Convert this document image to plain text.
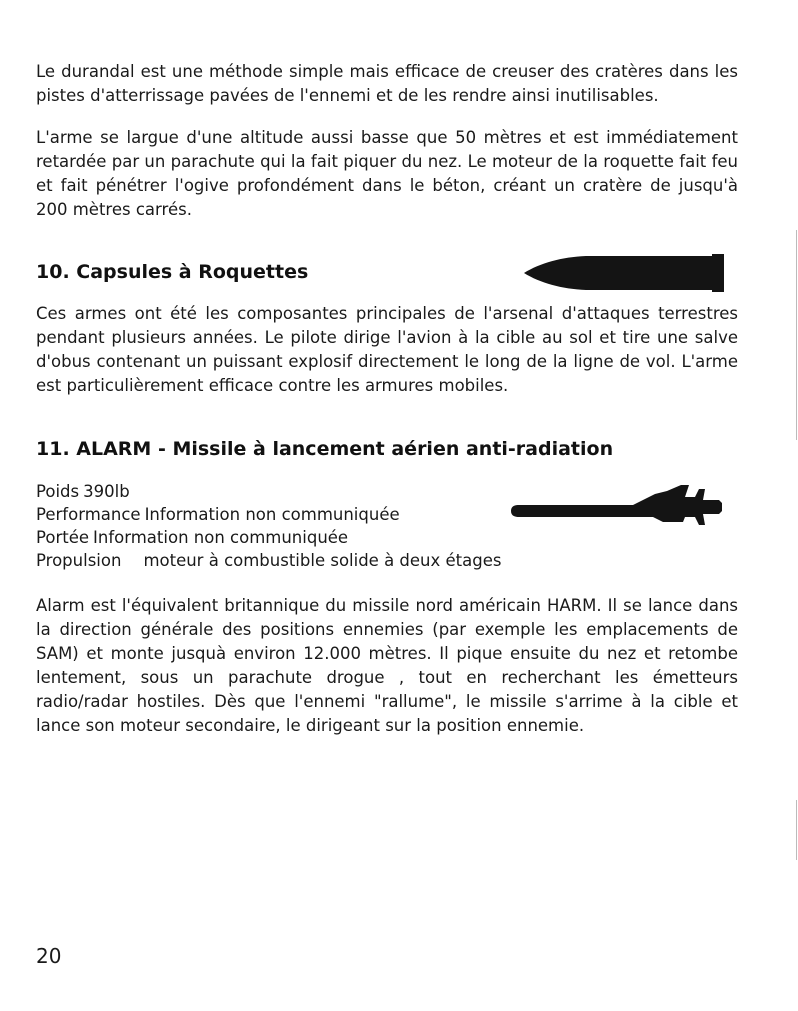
Le durandal est une méthode simple mais efficace de creuser des cratères dans les pistes d'atterrissage pavées de l'ennemi et de les rendre ainsi inutilisables.

L'arme se largue d'une altitude aussi basse que 50 mètres et est immédiatement retardée par un parachute qui la fait piquer du nez. Le moteur de la roquette fait feu et fait pénétrer l'ogive profondément dans le béton, créant un cratère de jusqu'à 200 mètres carrés.

10. Capsules à Roquettes

Ces armes ont été les composantes principales de l'arsenal d'attaques terrestres pendant plusieurs années. Le pilote dirige l'avion à la cible au sol et tire une salve d'obus contenant un puissant explosif directement le long de la ligne de vol. L'arme est particulièrement efficace contre les armures mobiles.

11. ALARM - Missile à lancement aérien anti-radiation
Poids 390lb
Performance Information non communiquée
Portée Information non communiquée
Propulsion moteur à combustible solide à deux étages

Alarm est l'équivalent britannique du missile nord américain HARM. Il se lance dans la direction générale des positions ennemies (par exemple les emplacements de SAM) et monte jusquà environ 12.000 mètres. Il pique ensuite du nez et retombe lentement, sous un parachute drogue , tout en recherchant les émetteurs radio/radar hostiles. Dès que l'ennemi "rallume", le missile s'arrime à la cible et lance son moteur secondaire, le dirigeant sur la position ennemie.

20
